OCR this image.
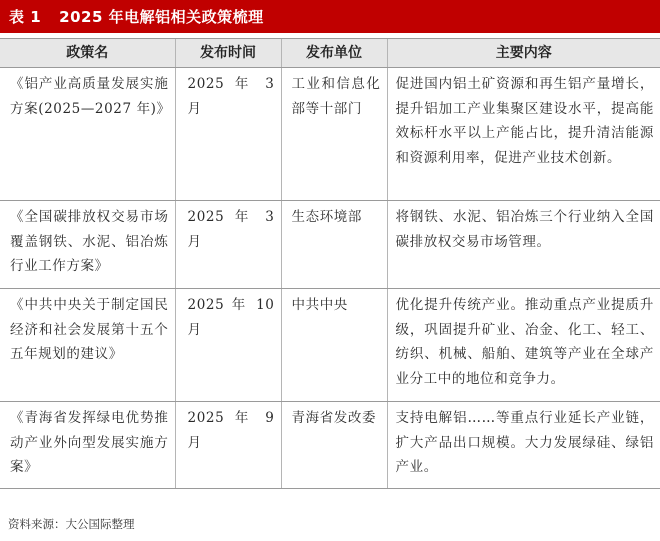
表 1 2025 年电解铝相关政策梳理
政策名	发布时间	发布单位	主要内容
《铝产业高质量发展实施方案(2025—2027 年)》	2025 年 3 月	工业和信息化部等十部门	促进国内铝土矿资源和再生铝产量增长，提升铝加工产业集聚区建设水平，提高能效标杆水平以上产能占比，提升清洁能源和资源利用率，促进产业技术创新。
《全国碳排放权交易市场覆盖钢铁、水泥、铝冶炼行业工作方案》	2025 年 3 月	生态环境部	将钢铁、水泥、铝冶炼三个行业纳入全国碳排放权交易市场管理。
《中共中央关于制定国民经济和社会发展第十五个五年规划的建议》	2025 年 10 月	中共中央	优化提升传统产业。推动重点产业提质升级，巩固提升矿业、冶金、化工、轻工、纺织、机械、船舶、建筑等产业在全球产业分工中的地位和竞争力。
《青海省发挥绿电优势推动产业外向型发展实施方案》	2025 年 9 月	青海省发改委	支持电解铝……等重点行业延长产业链，扩大产品出口规模。大力发展绿硅、绿铝产业。
资料来源：大公国际整理
